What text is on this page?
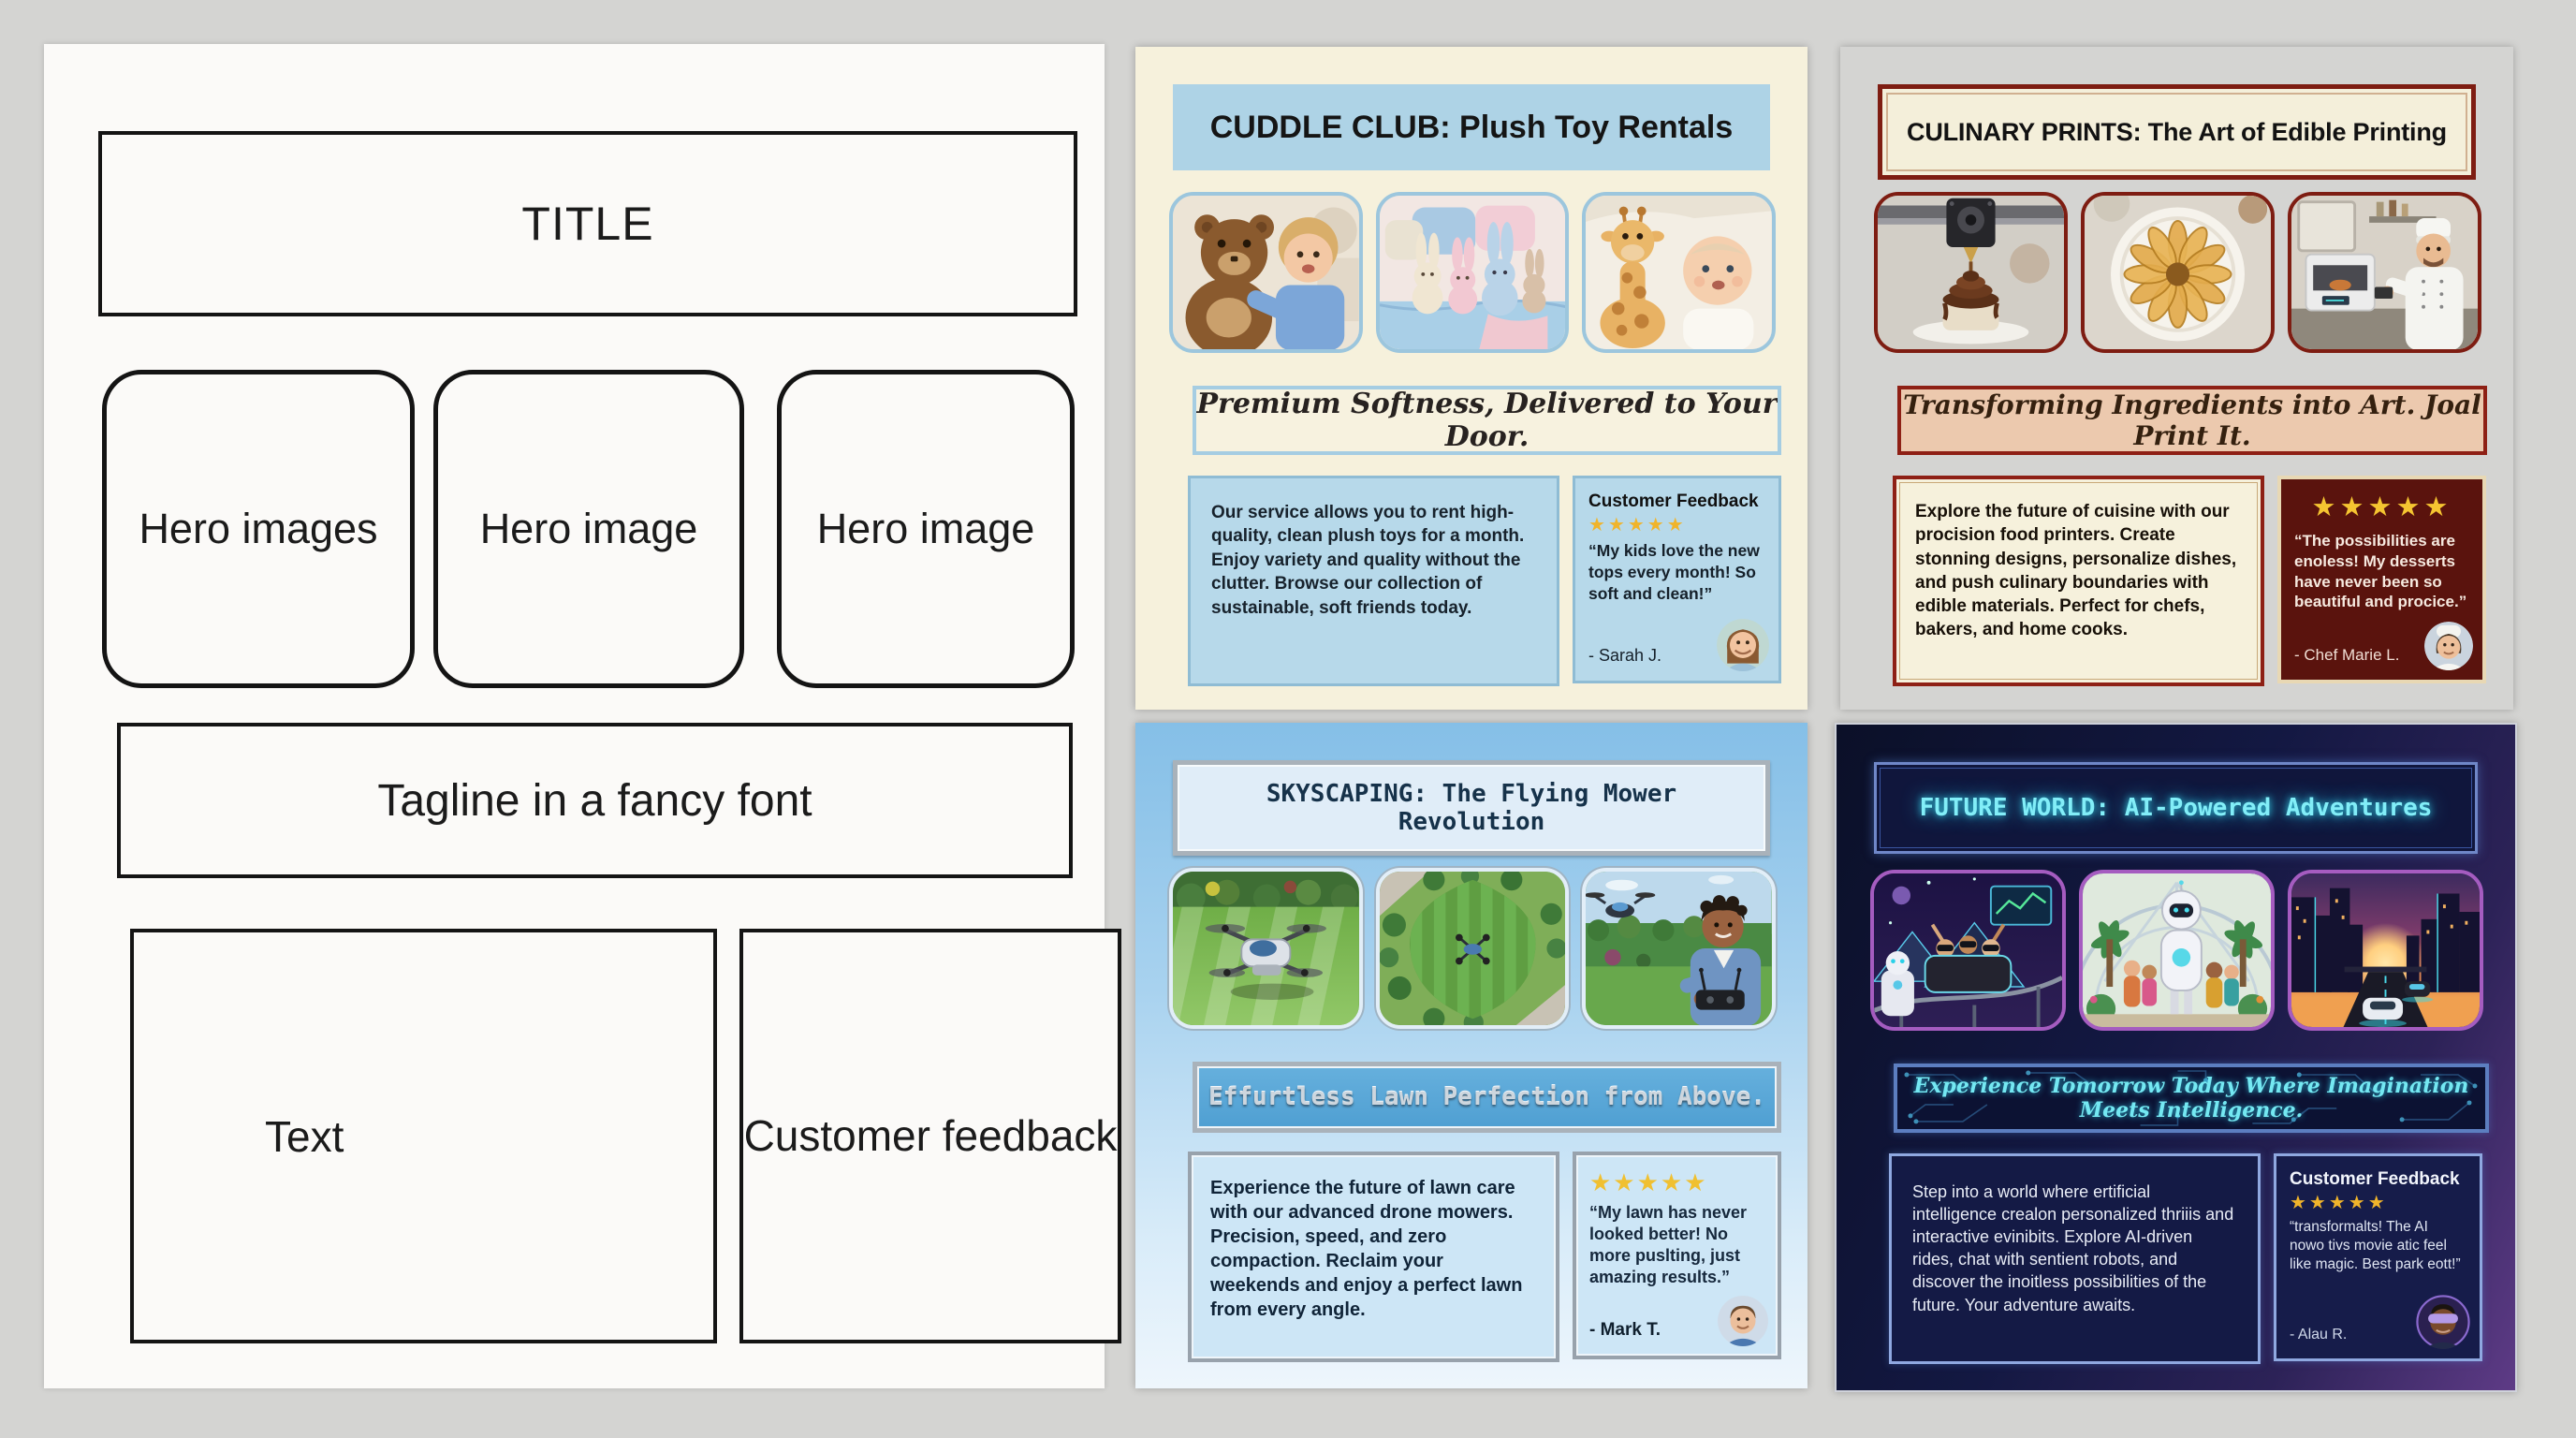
TITLE
Hero images Hero image	Hero image
Tagline in a fancy font
Text	Customer feedback
CUDDLE CLUB: Plush Toy Rentals
Premium Softness, Delivered to Your Door.

Our service allows you to rent high-quality, clean plush toys for a month. Enjoy variety and quality without the clutter. Browse our collection of sustainable, soft friends today.

Customer Feedback
★★★★★

“My kids love the new tops every month! So soft and clean!”

- Sarah J.
CULINARY PRINTS: The Art of Edible Printing
Transforming Ingredients into Art. Joal Print It.

Explore the future of cuisine with our procision food printers. Create stonning designs, personalize dishes, and push culinary boundaries with edible materials. Perfect for chefs, bakers, and home cooks.

★★★★★

“The possibilities are enoless! My desserts have never been so beautiful and procice.”

- Chef Marie L.
SKYSCAPING: The Flying Mower Revolution
Effurtless Lawn Perfection from Above.

Experience the future of lawn care with our advanced drone mowers. Precision, speed, and zero compaction. Reclaim your weekends and enjoy a perfect lawn from every angle.

★★★★★

“My lawn has never looked better! No more puslting, just amazing results.”

- Mark T.
FUTURE WORLD: AI-Powered Adventures
Experience Tomorrow Today Where Imagination Meets Intelligence.

Step into a world where ertificial intelligence crealon personalized thriiis and interactive evinibits. Explore AI-driven rides, chat with sentient robots, and discover the inoitless possibilities of the future. Your adventure awaits.

Customer Feedback
★★★★★

“transformalts! The AI nowo tivs movie atic feel like magic. Best park eott!”

- Alau R.
